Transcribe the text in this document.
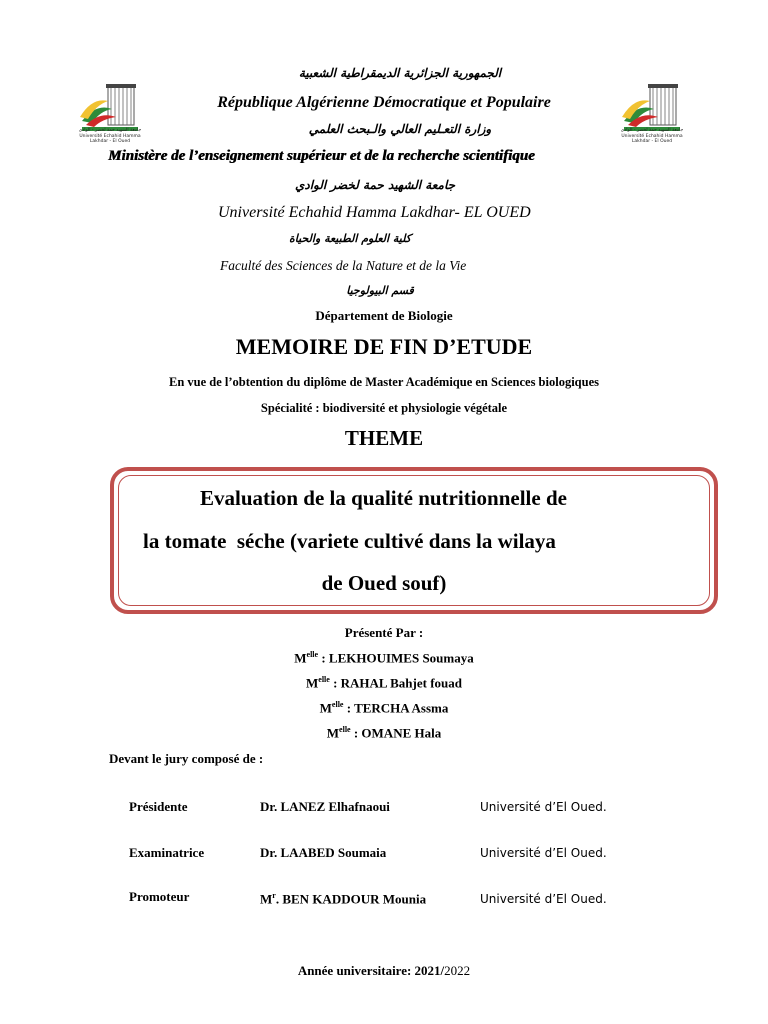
جامعة الشهيد حمة لخضر - الوادي
Université Echahid Hamma Lakhdar - El Oued
جامعة الشهيد حمة لخضر - الوادي
Université Echahid Hamma Lakhdar - El Oued
الجمهورية الجزائرية الديمقراطية الشعبية
République Algérienne Démocratique et Populaire
وزارة التعـليم العالي والـبحث العلمي
Ministère de l’enseignement supérieur et de la recherche scientifique
جامعة الشهيد حمة لخضر الوادي
Université Echahid Hamma Lakdhar- EL OUED
كلية العلوم الطبيعة والحياة
Faculté des Sciences de la Nature et de la Vie
قسم البيولوجيا
Département de Biologie
MEMOIRE DE FIN D’ETUDE
En vue de l’obtention du diplôme de Master Académique en Sciences biologiques
Spécialité : biodiversité et physiologie végétale
THEME
Evaluation de la qualité nutritionnelle de
la tomate  séche (variete cultivé dans la wilaya
de Oued souf)
Présenté Par :
$M^{elle}$ : LEKHOUIMES Soumaya
$M^{elle}$ : RAHAL Bahjet fouad
$M^{elle}$ : TERCHA Assma
$M^{elle}$ : OMANE Hala
Devant le jury composé de :
Présidente	Dr. LANEZ Elhafnaoui	Université d’El Oued.
Examinatrice	Dr. LAABED Soumaia	Université d’El Oued.
Promoteur	$M^r$. BEN KADDOUR Mounia	Université d’El Oued.
Année universitaire: 2021/2022
